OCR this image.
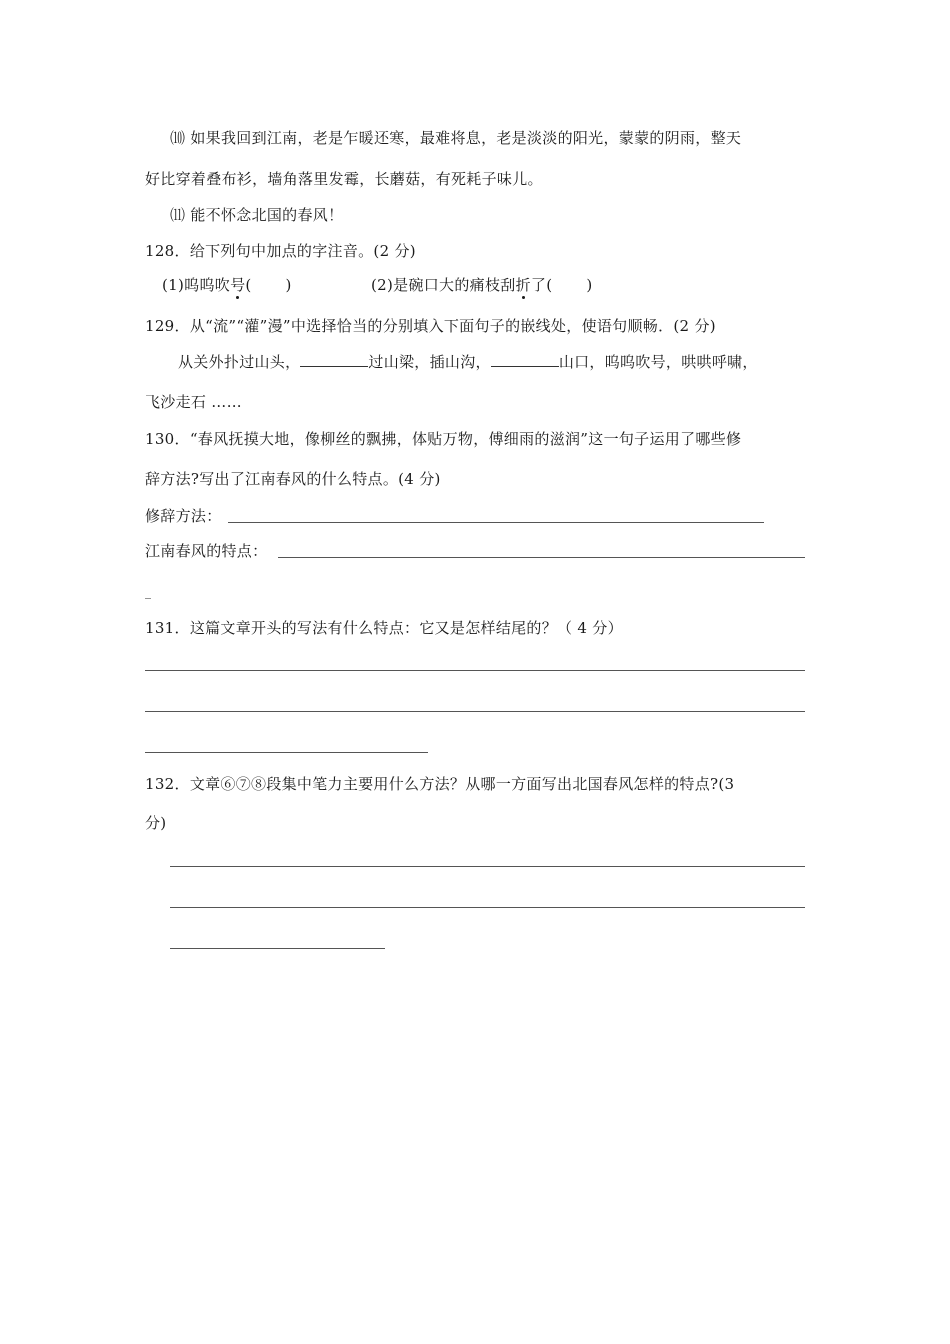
⑽ 如果我回到江南，老是乍暖还寒，最难将息，老是淡淡的阳光，蒙蒙的阴雨，整天
好比穿着叠布衫，墙角落里发霉，长蘑菇，有死耗子味儿。
⑾ 能不怀念北国的春风！
128．给下列句中加点的字注音。(2 分)
(1)呜呜吹号( )	(2)是碗口大的痛枝刮折了( )
129．从“流”“灌”漫”中选择恰当的分别填入下面句子的嵌线处，使语句顺畅．(2 分)
从关外扑过山头，	过山梁，插山沟，	山口，呜呜吹号，哄哄呼啸，
飞沙走石 ……
130．“春风抚摸大地，像柳丝的飘拂，体贴万物，傅细雨的滋润”这一句子运用了哪些修
辞方法?写出了江南春风的什么特点。(4 分)
修辞方法：
江南春风的特点：
_
131．这篇文章开头的写法有什么特点：它又是怎样结尾的？（ 4 分）
132．文章⑥⑦⑧段集中笔力主要用什么方法？从哪一方面写出北国春风怎样的特点?(3
分)
